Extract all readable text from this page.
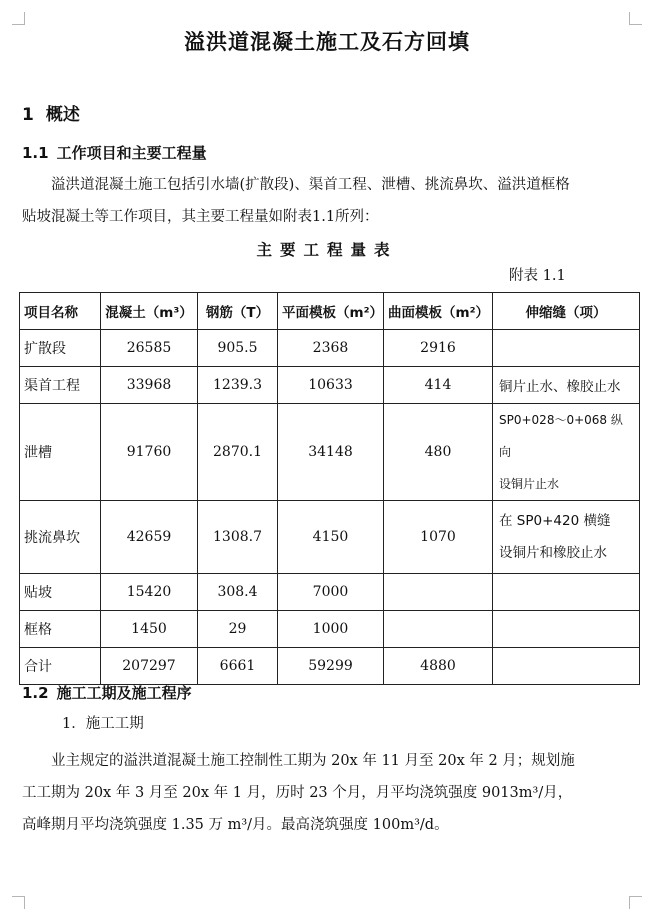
溢洪道混凝土施工及石方回填
1 概述
1.1 工作项目和主要工程量

溢洪道混凝土施工包括引水墙(扩散段)、渠首工程、泄槽、挑流鼻坎、溢洪道框格贴坡混凝土等工作项目，其主要工程量如附表1.1所列：

主要工程量表
附表 1.1
项目名称	混凝土（m³）	钢筋（T）	平面模板（m²）	曲面模板（m²）	伸缩缝（项）
扩散段	26585	905.5	2368	2916	
渠首工程	33968	1239.3	10633	414	铜片止水、橡胶止水
泄槽	91760	2870.1	34148	480	SP0+028～0+068 纵向
设铜片止水

挑流鼻坎	42659	1308.7	4150	1070	在 SP0+420 横缝
设铜片和橡胶止水

贴坡	15420	308.4	7000		
框格	1450	29	1000		
合计	207297	6661	59299	4880	
1.2 施工工期及施工程序

1．施工工期

业主规定的溢洪道混凝土施工控制性工期为 20x 年 11 月至 20x 年 2 月；规划施工工期为 20x 年 3 月至 20x 年 1 月，历时 23 个月，月平均浇筑强度 9013m³/月，高峰期月平均浇筑强度 1.35 万 m³/月。最高浇筑强度 100m³/d。
